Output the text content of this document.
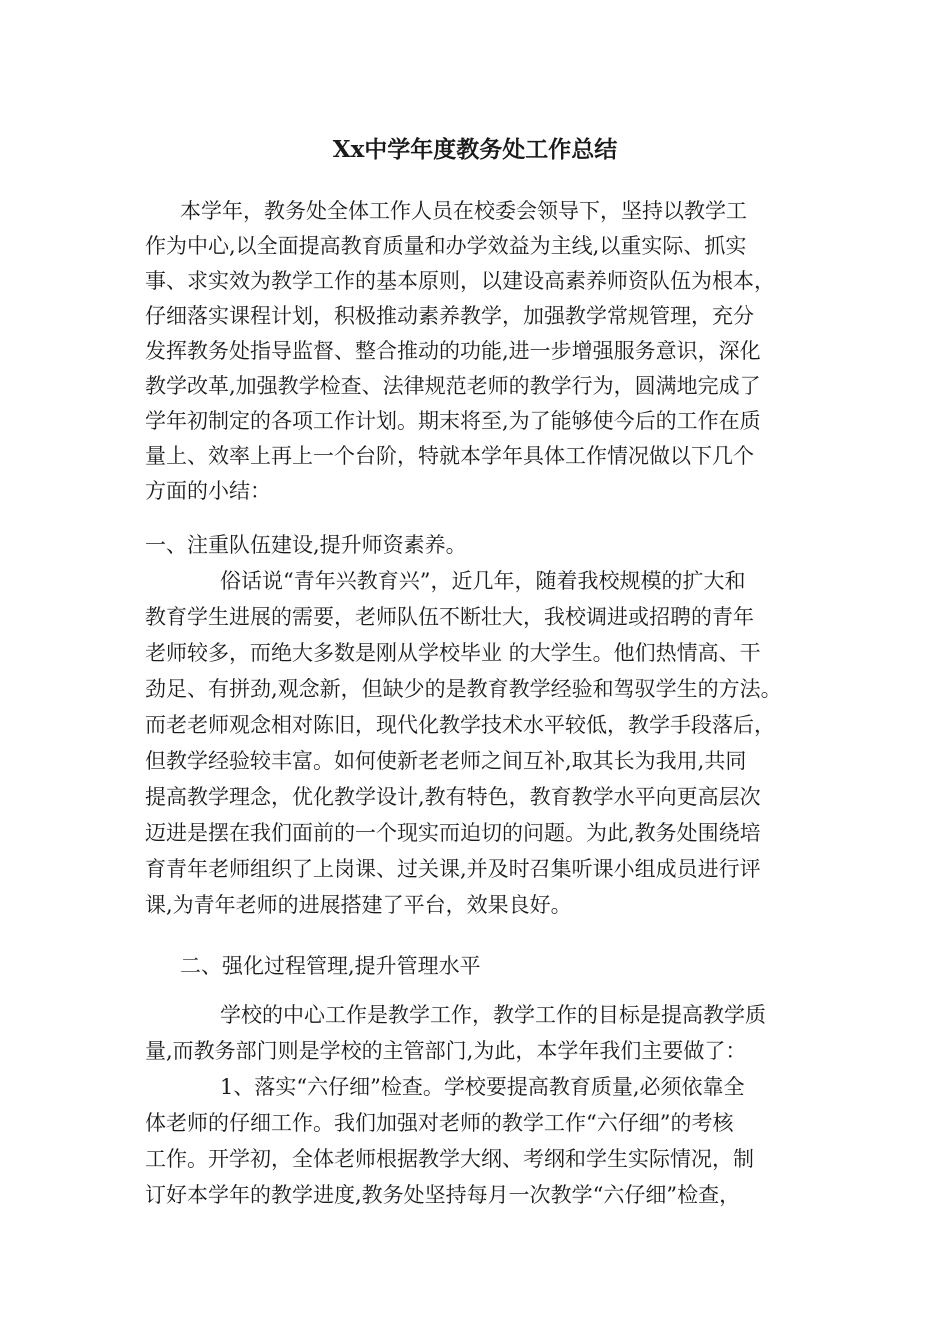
Xx中学年度教务处工作总结
本学年，教务处全体工作人员在校委会领导下，坚持以教学工
作为中心,以全面提高教育质量和办学效益为主线,以重实际、抓实
事、求实效为教学工作的基本原则，以建设高素养师资队伍为根本，
仔细落实课程计划，积极推动素养教学，加强教学常规管理，充分
发挥教务处指导监督、整合推动的功能,进一步增强服务意识，深化
教学改革,加强教学检查、法律规范老师的教学行为，圆满地完成了
学年初制定的各项工作计划。期末将至,为了能够使今后的工作在质
量上、效率上再上一个台阶，特就本学年具体工作情况做以下几个
方面的小结：
一、注重队伍建设,提升师资素养。
俗话说“青年兴教育兴”，近几年，随着我校规模的扩大和
教育学生进展的需要，老师队伍不断壮大，我校调进或招聘的青年
老师较多，而绝大多数是刚从学校毕业 的大学生。他们热情高、干
劲足、有拼劲,观念新，但缺少的是教育教学经验和驾驭学生的方法。
而老老师观念相对陈旧，现代化教学技术水平较低，教学手段落后，
但教学经验较丰富。如何使新老老师之间互补,取其长为我用,共同
提高教学理念，优化教学设计,教有特色，教育教学水平向更高层次
迈进是摆在我们面前的一个现实而迫切的问题。为此,教务处围绕培
育青年老师组织了上岗课、过关课,并及时召集听课小组成员进行评
课,为青年老师的进展搭建了平台，效果良好。
二、强化过程管理,提升管理水平
学校的中心工作是教学工作，教学工作的目标是提高教学质
量,而教务部门则是学校的主管部门,为此，本学年我们主要做了：
1、落实“六仔细”检查。学校要提高教育质量,必须依靠全
体老师的仔细工作。我们加强对老师的教学工作“六仔细”的考核
工作。开学初，全体老师根据教学大纲、考纲和学生实际情况，制
订好本学年的教学进度,教务处坚持每月一次教学“六仔细”检查，
